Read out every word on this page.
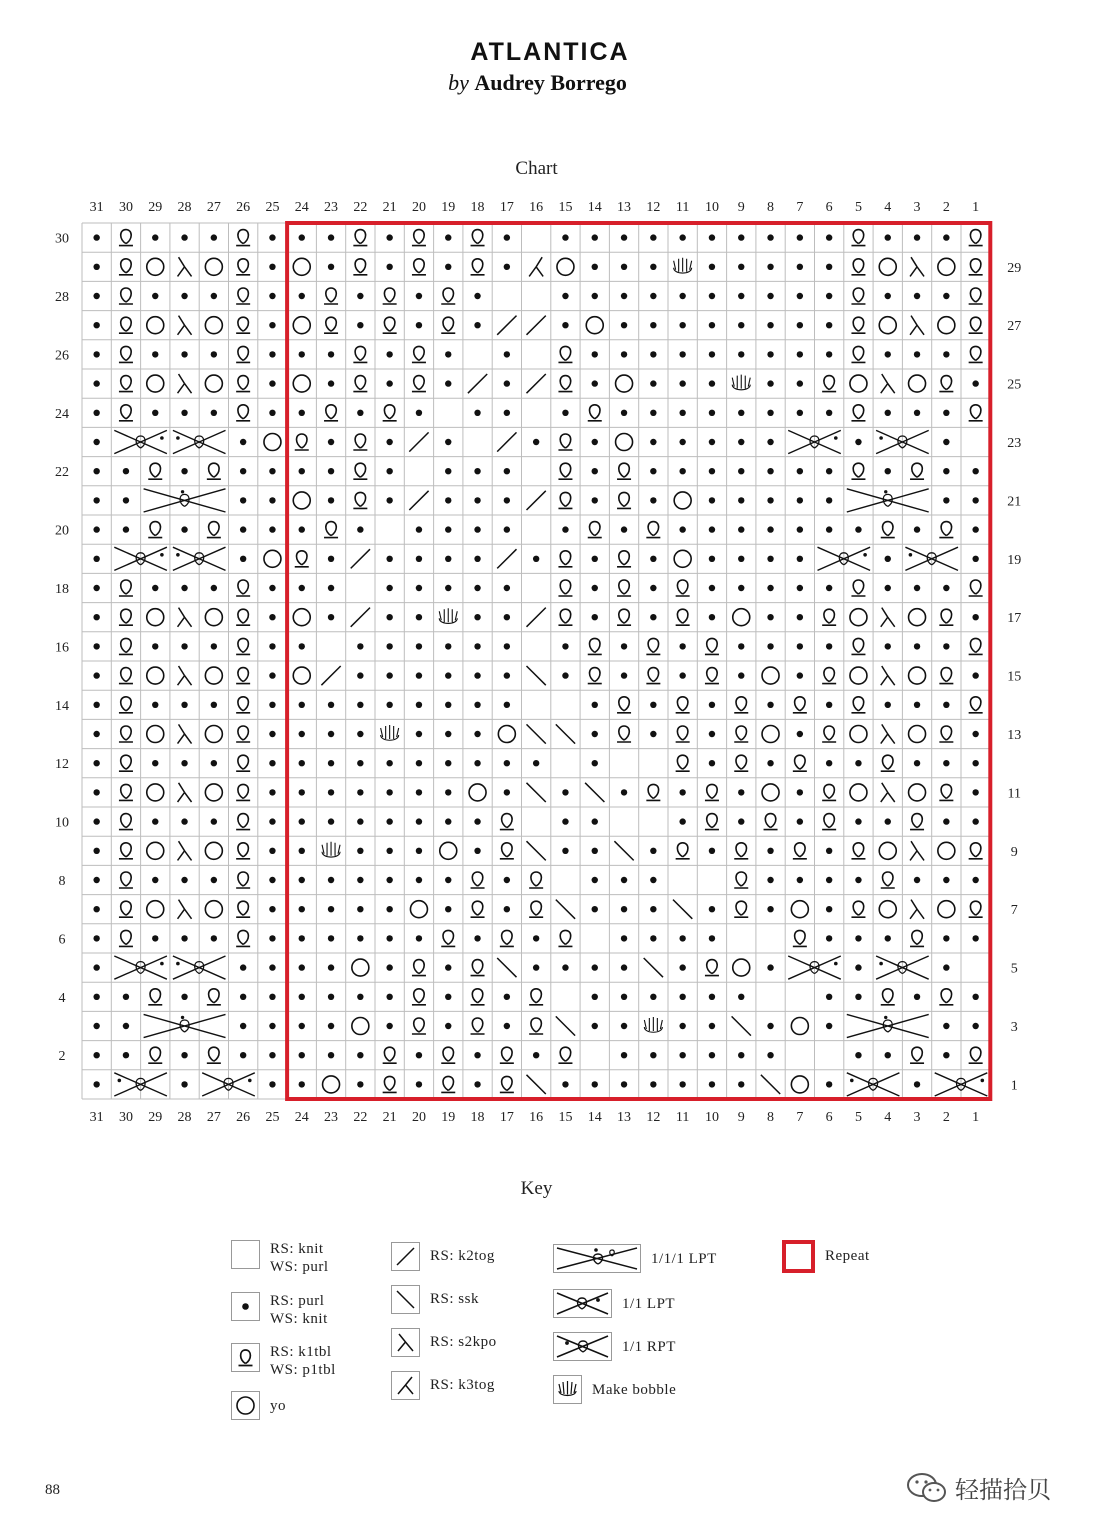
ATLANTICA
by Audrey Borrego
Chart
31
31
30
30
29
29
28
28
27
27
26
26
25
25
24
24
23
23
22
22
21
21
20
20
19
19
18
18
17
17
16
16
15
15
14
14
13
13
12
12
11
11
10
10
9
9
8
8
7
7
6
6
5
5
4
4
3
3
2
2
1
1
30
28
26
24
22
20
18
16
14
12
10
8
6
4
2
29
27
25
23
21
19
17
15
13
11
9
7
5
3
1
Key
RS: knit
WS: purl
RS: purl
WS: knit
RS: k1tbl
WS: p1tbl
yo
RS: k2tog
RS: ssk
RS: s2kpo
RS: k3tog
1/1/1 LPT
1/1 LPT
1/1 RPT
Make bobble
Repeat
88	轻描拾贝
